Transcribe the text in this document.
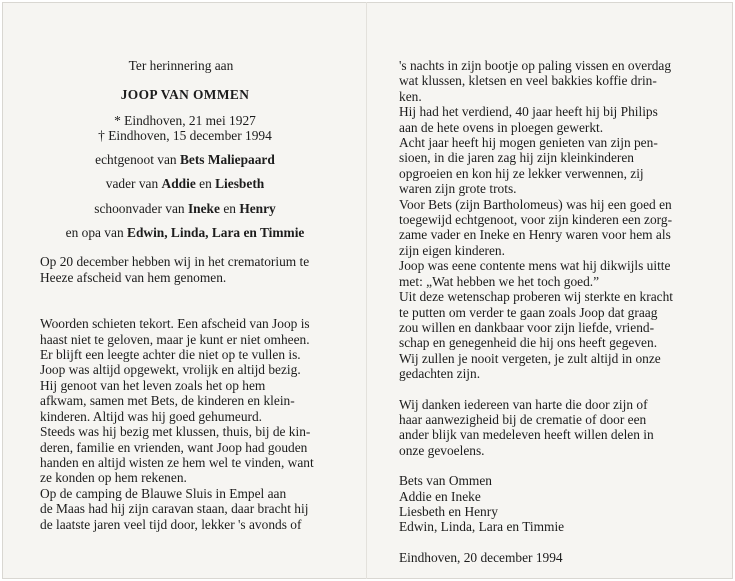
Ter herinnering aan
JOOP VAN OMMEN
* Eindhoven, 21 mei 1927
† Eindhoven, 15 december 1994
echtgenoot van Bets Maliepaard
vader van Addie en Liesbeth
schoonvader van Ineke en Henry
en opa van Edwin, Linda, Lara en Timmie
Op 20 december hebben wij in het crematorium te
Heeze afscheid van hem genomen.
Woorden schieten tekort. Een afscheid van Joop is
haast niet te geloven, maar je kunt er niet omheen.
Er blijft een leegte achter die niet op te vullen is.
Joop was altijd opgewekt, vrolijk en altijd bezig.
Hij genoot van het leven zoals het op hem
afkwam, samen met Bets, de kinderen en klein-
kinderen. Altijd was hij goed gehumeurd.
Steeds was hij bezig met klussen, thuis, bij de kin-
deren, familie en vrienden, want Joop had gouden
handen en altijd wisten ze hem wel te vinden, want
ze konden op hem rekenen.
Op de camping de Blauwe Sluis in Empel aan
de Maas had hij zijn caravan staan, daar bracht hij
de laatste jaren veel tijd door, lekker 's avonds of
's nachts in zijn bootje op paling vissen en overdag
wat klussen, kletsen en veel bakkies koffie drin-
ken.
Hij had het verdiend, 40 jaar heeft hij bij Philips
aan de hete ovens in ploegen gewerkt.
Acht jaar heeft hij mogen genieten van zijn pen-
sioen, in die jaren zag hij zijn kleinkinderen
opgroeien en kon hij ze lekker verwennen, zij
waren zijn grote trots.
Voor Bets (zijn Bartholomeus) was hij een goed en
toegewijd echtgenoot, voor zijn kinderen een zorg-
zame vader en Ineke en Henry waren voor hem als
zijn eigen kinderen.
Joop was eene contente mens wat hij dikwijls uitte
met: „Wat hebben we het toch goed.”
Uit deze wetenschap proberen wij sterkte en kracht
te putten om verder te gaan zoals Joop dat graag
zou willen en dankbaar voor zijn liefde, vriend-
schap en genegenheid die hij ons heeft gegeven.
Wij zullen je nooit vergeten, je zult altijd in onze
gedachten zijn.
Wij danken iedereen van harte die door zijn of
haar aanwezigheid bij de crematie of door een
ander blijk van medeleven heeft willen delen in
onze gevoelens.
Bets van Ommen
Addie en Ineke
Liesbeth en Henry
Edwin, Linda, Lara en Timmie
Eindhoven, 20 december 1994
